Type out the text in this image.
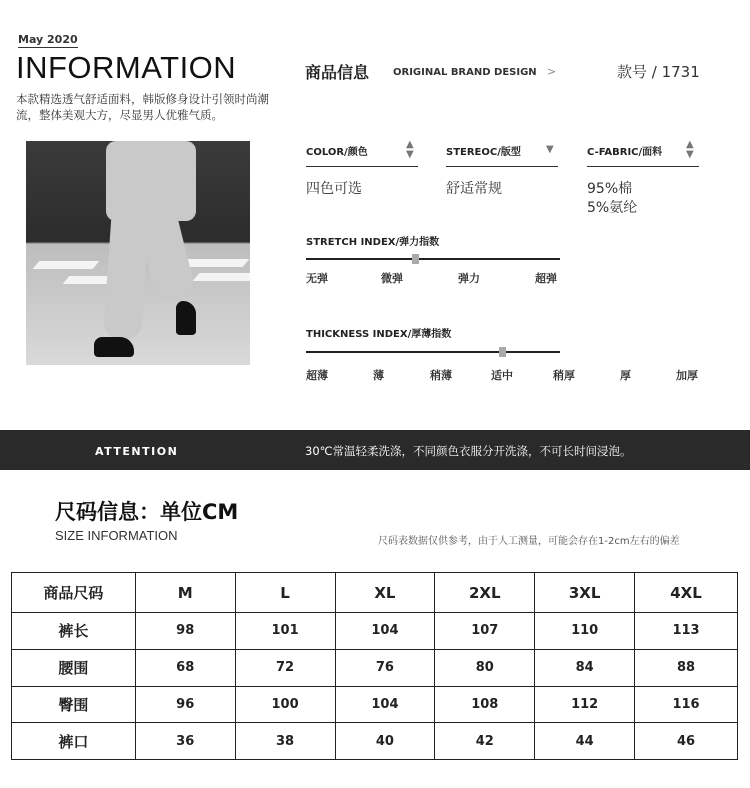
May 2020
INFORMATION
本款精选透气舒适面料，韩版修身设计引领时尚潮流，整体美观大方，尽显男人优雅气质。
商品信息 ORIGINAL BRAND DESIGN >	款号 / 1731
COLOR/颜色
▲
▼
四色可选
STEREOC/版型	▼
舒适常规
C-FABRIC/面料
▲
▼
95%棉
5%氨纶
STRETCH INDEX/弹力指数
无弹	微弹	弹力	超弹
THICKNESS INDEX/厚薄指数
超薄	薄	稍薄	适中	稍厚	厚	加厚
ATTENTION	30℃常温轻柔洗涤，不同颜色衣服分开洗涤，不可长时间浸泡。
尺码信息：单位CM
SIZE INFORMATION	尺码表数据仅供参考，由于人工测量，可能会存在1-2cm左右的偏差
商品尺码	M	L	XL	2XL	3XL	4XL
裤长	98	101	104	107	110	113
腰围	68	72	76	80	84	88
臀围	96	100	104	108	112	116
裤口	36	38	40	42	44	46
